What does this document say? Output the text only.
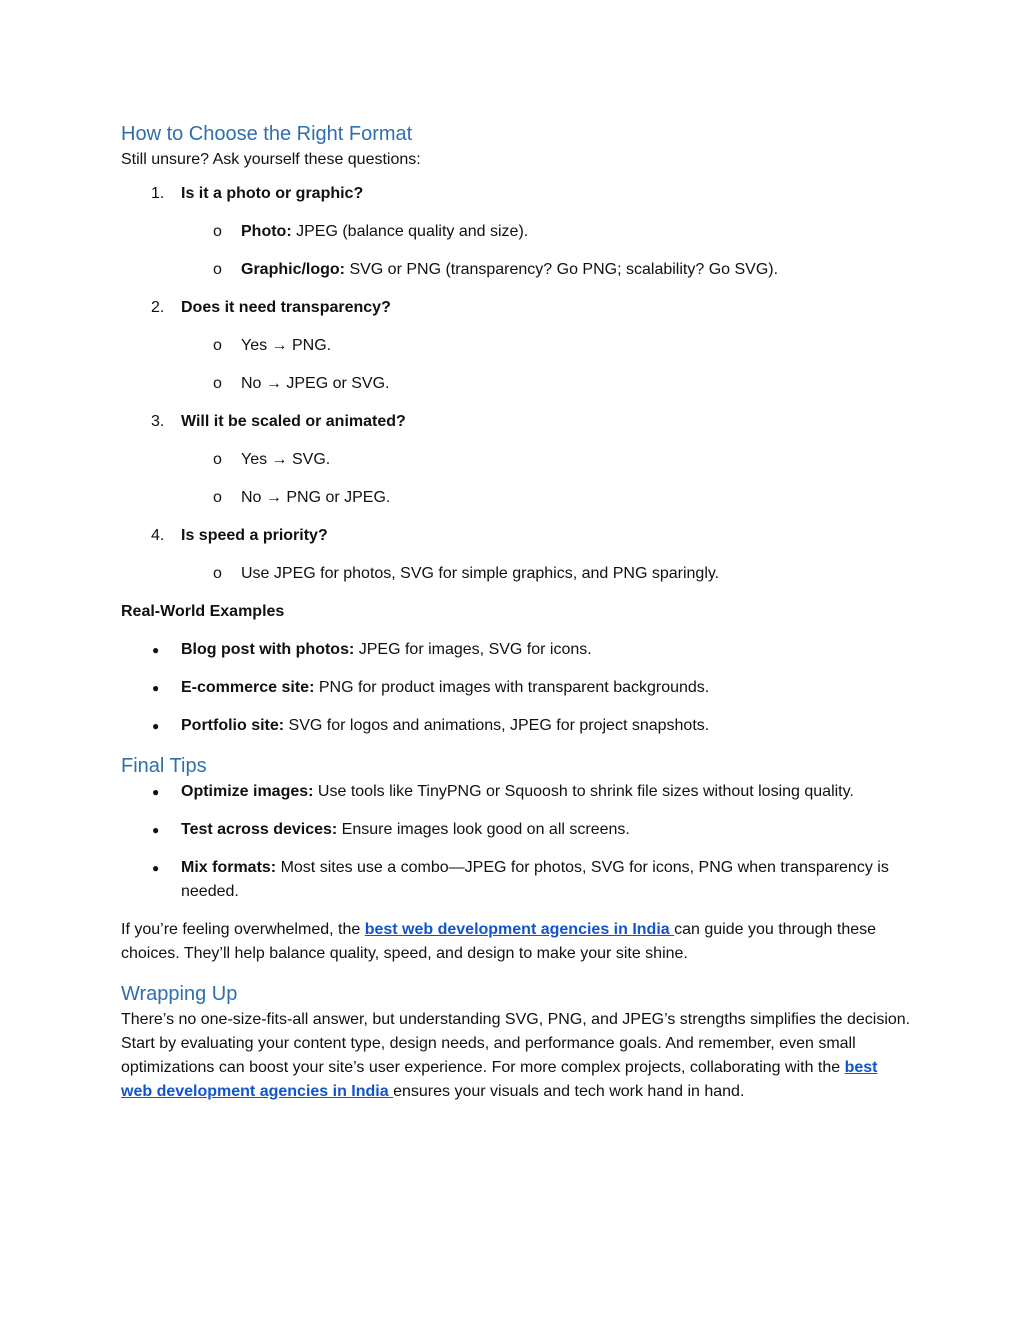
How to Choose the Right Format

Still unsure? Ask yourself these questions:

1.	Is it a photo or graphic?
o Photo: JPEG (balance quality and size).
o Graphic/logo: SVG or PNG (transparency? Go PNG; scalability? Go SVG).
2.	Does it need transparency?
o Yes → PNG.
o No → JPEG or SVG.
3.	Will it be scaled or animated?
o Yes → SVG.
o No → PNG or JPEG.
4.	Is speed a priority?
o Use JPEG for photos, SVG for simple graphics, and PNG sparingly.
Real-World Examples
● Blog post with photos: JPEG for images, SVG for icons.
● E-commerce site: PNG for product images with transparent backgrounds.
● Portfolio site: SVG for logos and animations, JPEG for project snapshots.
Final Tips
● Optimize images: Use tools like TinyPNG or Squoosh to shrink file sizes without losing quality.
● Test across devices: Ensure images look good on all screens.
● Mix formats: Most sites use a combo—JPEG for photos, SVG for icons, PNG when transparency is needed.

If you’re feeling overwhelmed, the best web development agencies in India can guide you through these choices. They’ll help balance quality, speed, and design to make your site shine.

Wrapping Up

There’s no one-size-fits-all answer, but understanding SVG, PNG, and JPEG’s strengths simplifies the decision. Start by evaluating your content type, design needs, and performance goals. And remember, even small optimizations can boost your site’s user experience. For more complex projects, collaborating with the best web development agencies in India ensures your visuals and tech work hand in hand.
